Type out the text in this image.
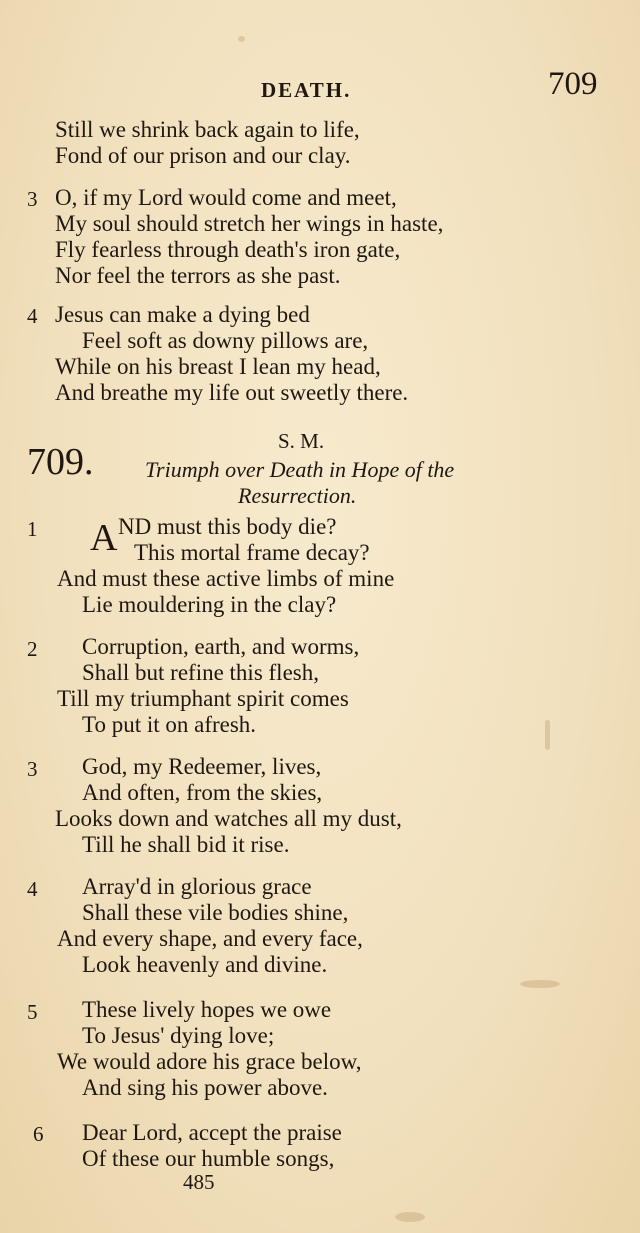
DEATH.	709
Still we shrink back again to life,
Fond of our prison and our clay.
3 O, if my Lord would come and meet,
My soul should stretch her wings in haste,
Fly fearless through death's iron gate,
Nor feel the terrors as she past.
4 Jesus can make a dying bed
Feel soft as downy pillows are,
While on his breast I lean my head,
And breathe my life out sweetly there.
709.	S. M.
Triumph over Death in Hope of the
Resurrection.
1 A ND must this body die?
This mortal frame decay?
And must these active limbs of mine
Lie mouldering in the clay?
2 Corruption, earth, and worms,
Shall but refine this flesh,
Till my triumphant spirit comes
To put it on afresh.
3 God, my Redeemer, lives,
And often, from the skies,
Looks down and watches all my dust,
Till he shall bid it rise.
4 Array'd in glorious grace
Shall these vile bodies shine,
And every shape, and every face,
Look heavenly and divine.
5 These lively hopes we owe
To Jesus' dying love;
We would adore his grace below,
And sing his power above.
6 Dear Lord, accept the praise
Of these our humble songs,
485
